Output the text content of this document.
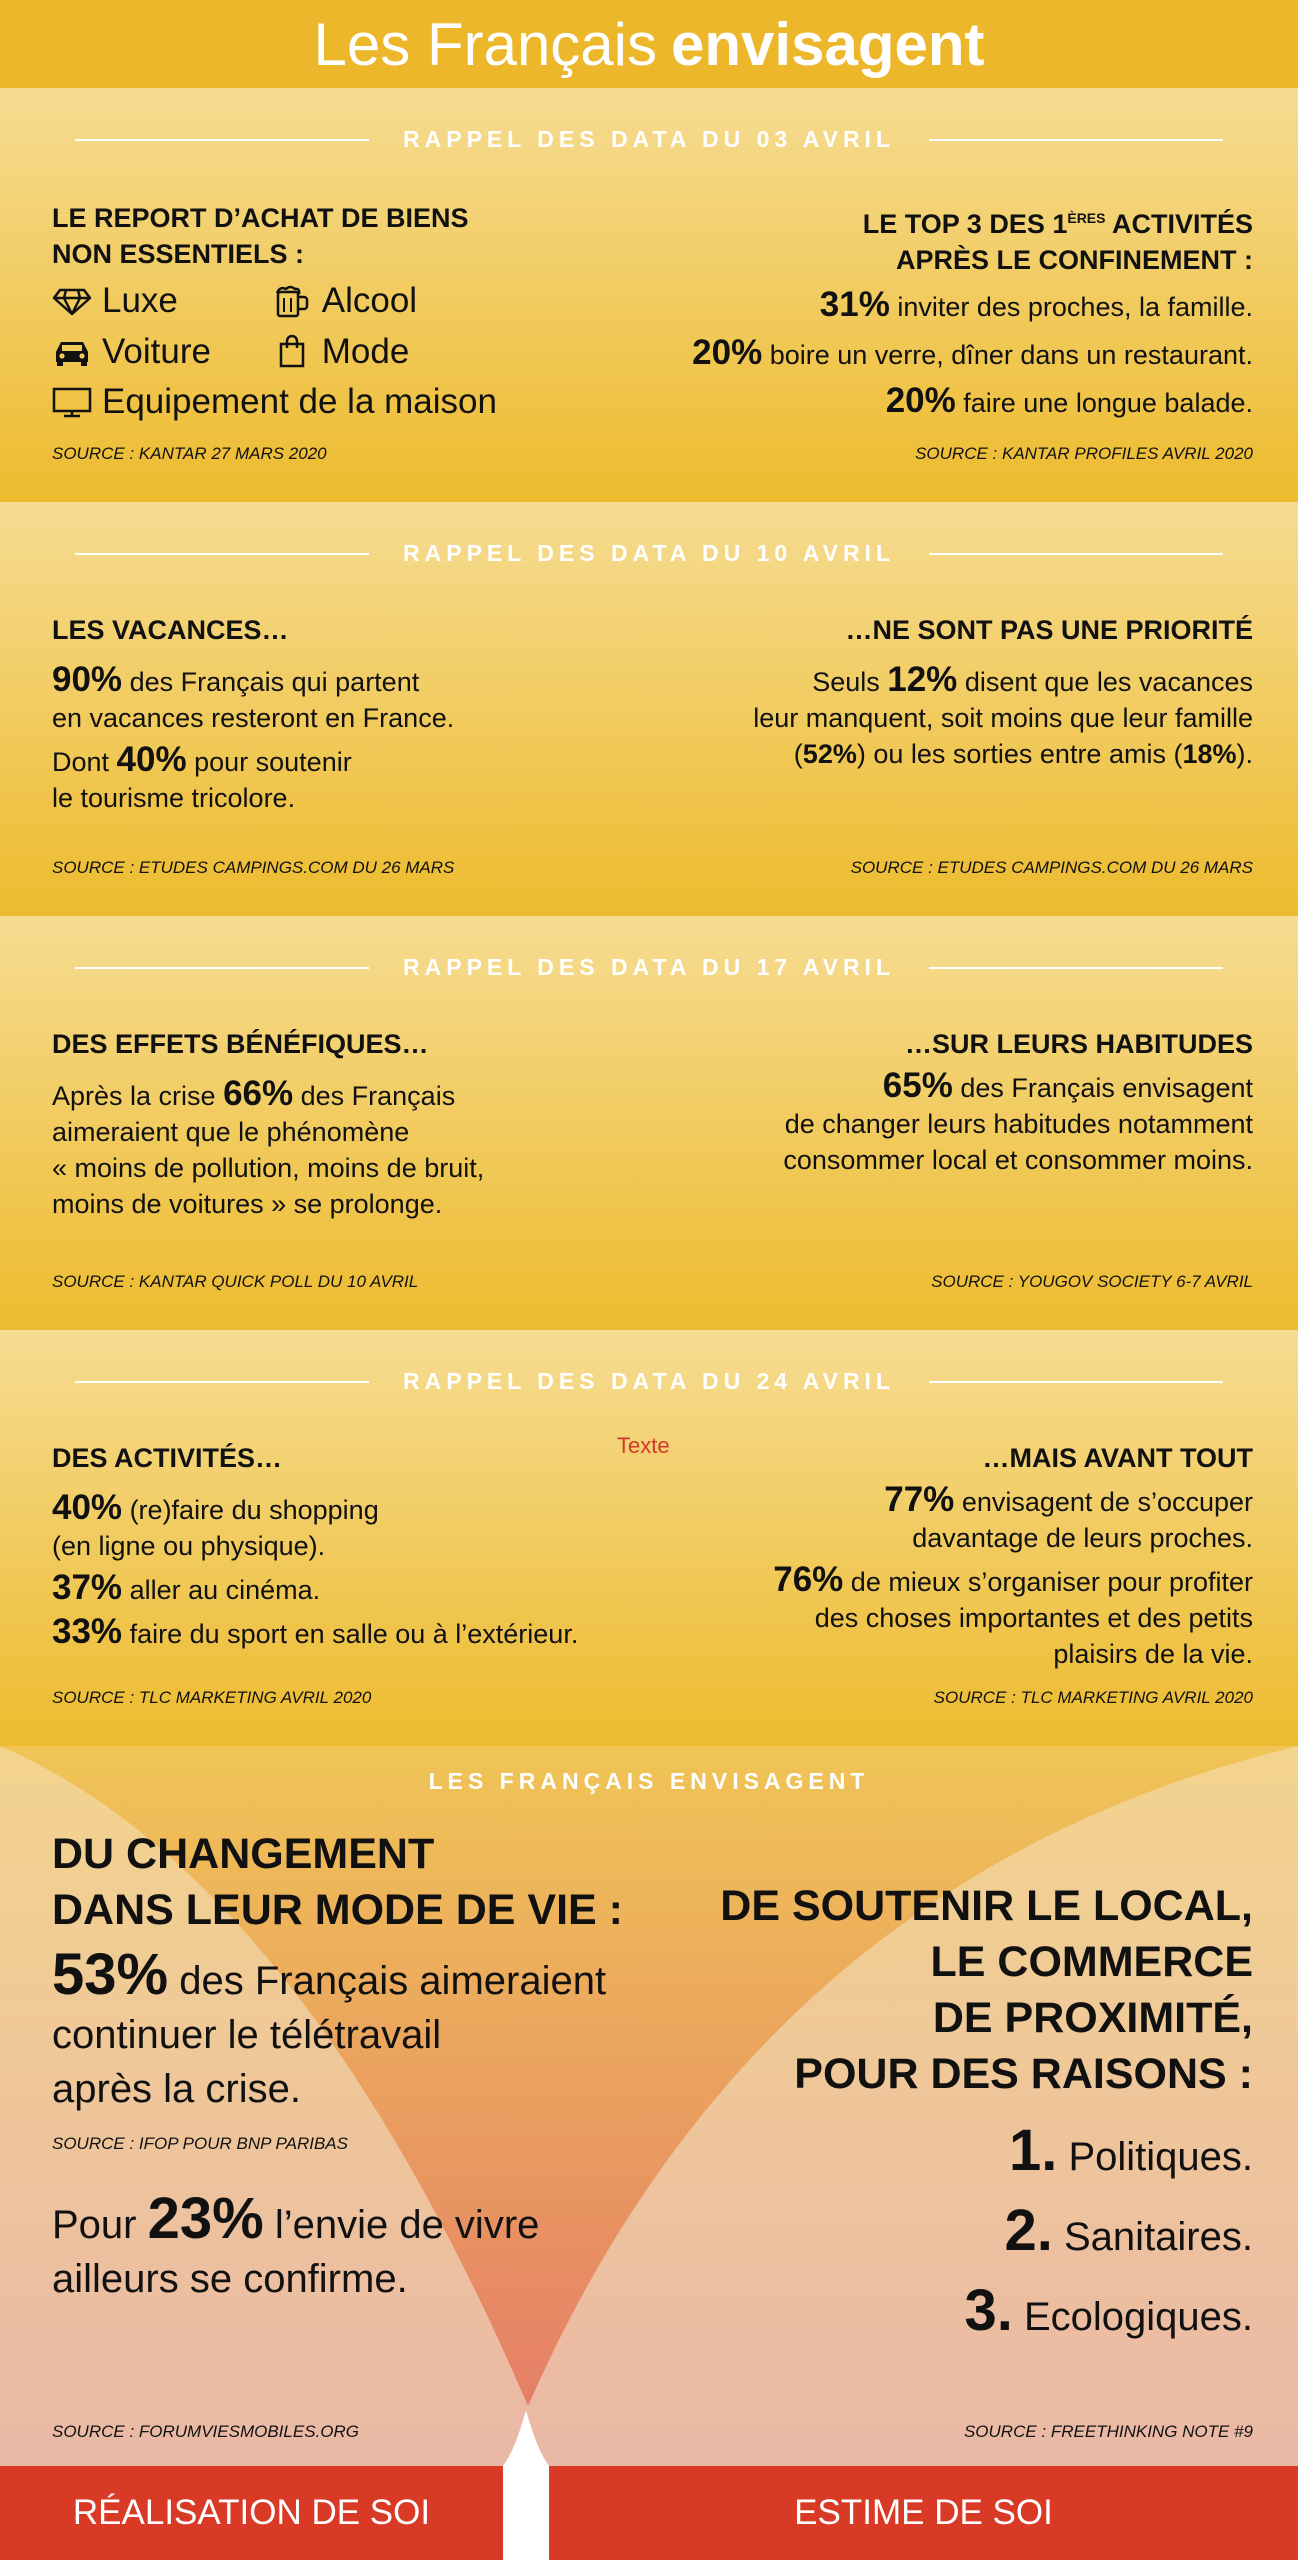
Les Français envisagent
RAPPEL DES DATA DU 03 AVRIL
LE REPORT D’ACHAT DE BIENS
NON ESSENTIELS :
Luxe
	Alcool
Voiture
	Mode
Equipement de la maison
LE TOP 3 DES 1ÈRES ACTIVITÉS
APRÈS LE CONFINEMENT :
31% inviter des proches, la famille.
20% boire un verre, dîner dans un restaurant.
20% faire une longue balade.
SOURCE : KANTAR 27 MARS 2020	SOURCE : KANTAR PROFILES AVRIL 2020
RAPPEL DES DATA DU 10 AVRIL
LES VACANCES…
90% des Français qui partent
en vacances resteront en France.
Dont 40% pour soutenir
le tourisme tricolore.
…NE SONT PAS UNE PRIORITÉ
Seuls 12% disent que les vacances
leur manquent, soit moins que leur famille
(52%) ou les sorties entre amis (18%).
SOURCE : ETUDES CAMPINGS.COM DU 26 MARS	SOURCE : ETUDES CAMPINGS.COM DU 26 MARS
RAPPEL DES DATA DU 17 AVRIL
DES EFFETS BÉNÉFIQUES…
Après la crise 66% des Français
aimeraient que le phénomène
« moins de pollution, moins de bruit,
moins de voitures » se prolonge.
…SUR LEURS HABITUDES
65% des Français envisagent
de changer leurs habitudes notamment
consommer local et consommer moins.
SOURCE : KANTAR QUICK POLL DU 10 AVRIL	SOURCE : YOUGOV SOCIETY 6-7 AVRIL
RAPPEL DES DATA DU 24 AVRIL
DES ACTIVITÉS…
40% (re)faire du shopping
(en ligne ou physique).
37% aller au cinéma.
33% faire du sport en salle ou à l’extérieur.
…MAIS AVANT TOUT
77% envisagent de s’occuper
davantage de leurs proches.
76% de mieux s’organiser pour profiter
des choses importantes et des petits
plaisirs de la vie.
SOURCE : TLC MARKETING AVRIL 2020	SOURCE : TLC MARKETING AVRIL 2020
Texte
LES FRANÇAIS ENVISAGENT
DU CHANGEMENT
DANS LEUR MODE DE VIE :
53% des Français aimeraient
continuer le télétravail
après la crise.
SOURCE : IFOP POUR BNP PARIBAS
Pour 23% l’envie de vivre
ailleurs se confirme.
SOURCE : FORUMVIESMOBILES.ORG
DE SOUTENIR LE LOCAL,
LE COMMERCE
DE PROXIMITÉ,
POUR DES RAISONS :
1. Politiques.
2. Sanitaires.
3. Ecologiques.
SOURCE : FREETHINKING NOTE #9
RÉALISATION DE SOI	ESTIME DE SOI
